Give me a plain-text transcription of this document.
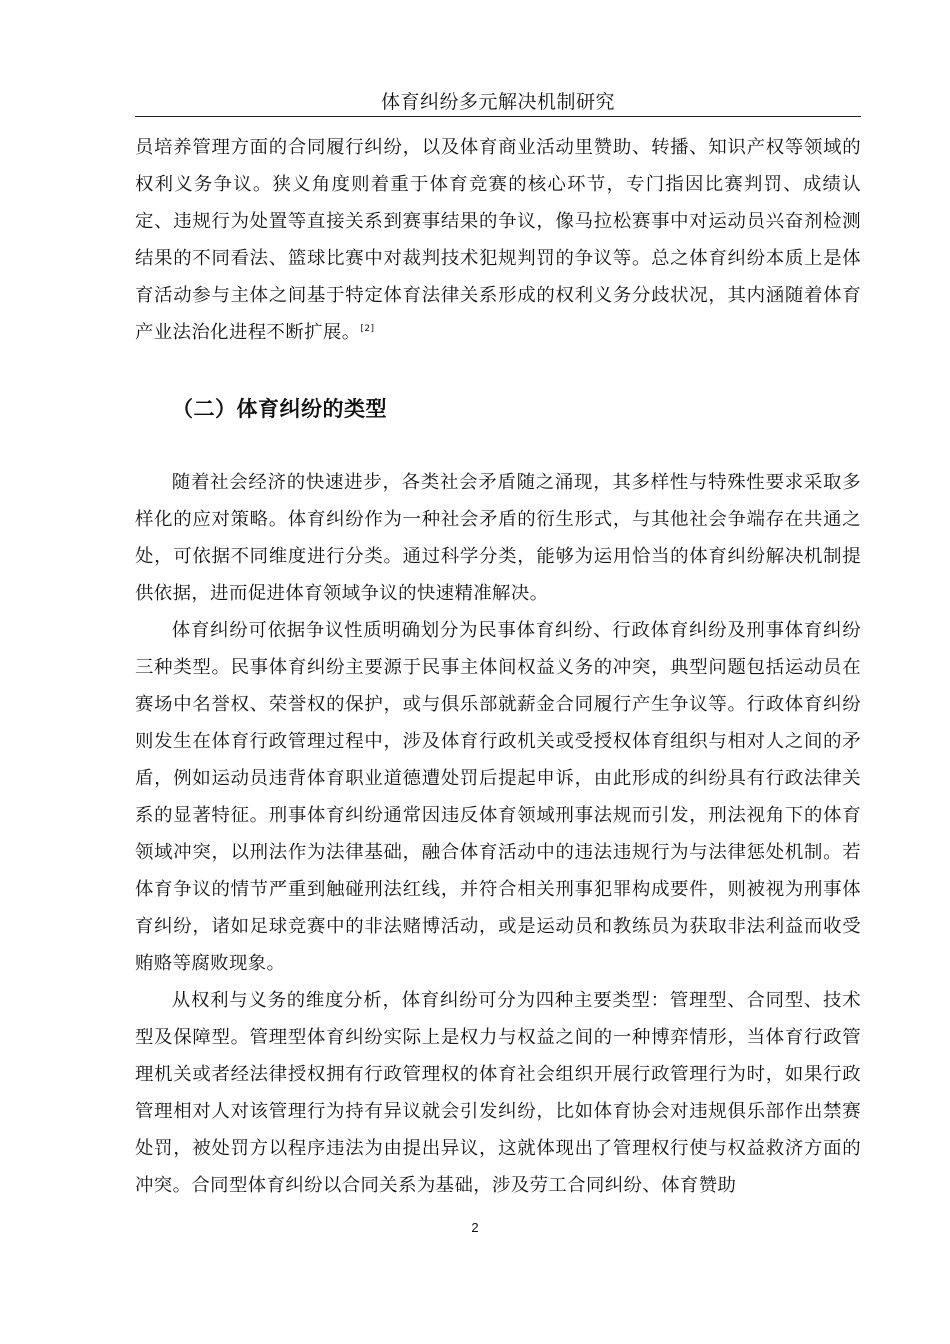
体育纠纷多元解决机制研究

员培养管理方面的合同履行纠纷，以及体育商业活动里赞助、转播、知识产权等领域的权利义务争议。狭义角度则着重于体育竞赛的核心环节，专门指因比赛判罚、成绩认定、违规行为处置等直接关系到赛事结果的争议，像马拉松赛事中对运动员兴奋剂检测结果的不同看法、篮球比赛中对裁判技术犯规判罚的争议等。总之体育纠纷本质上是体育活动参与主体之间基于特定体育法律关系形成的权利义务分歧状况，其内涵随着体育产业法治化进程不断扩展。[2]

（二）体育纠纷的类型

随着社会经济的快速进步，各类社会矛盾随之涌现，其多样性与特殊性要求采取多样化的应对策略。体育纠纷作为一种社会矛盾的衍生形式，与其他社会争端存在共通之处，可依据不同维度进行分类。通过科学分类，能够为运用恰当的体育纠纷解决机制提供依据，进而促进体育领域争议的快速精准解决。

体育纠纷可依据争议性质明确划分为民事体育纠纷、行政体育纠纷及刑事体育纠纷三种类型。民事体育纠纷主要源于民事主体间权益义务的冲突，典型问题包括运动员在赛场中名誉权、荣誉权的保护，或与俱乐部就薪金合同履行产生争议等。行政体育纠纷则发生在体育行政管理过程中，涉及体育行政机关或受授权体育组织与相对人之间的矛盾，例如运动员违背体育职业道德遭处罚后提起申诉，由此形成的纠纷具有行政法律关系的显著特征。刑事体育纠纷通常因违反体育领域刑事法规而引发，刑法视角下的体育领域冲突，以刑法作为法律基础，融合体育活动中的违法违规行为与法律惩处机制。若体育争议的情节严重到触碰刑法红线，并符合相关刑事犯罪构成要件，则被视为刑事体育纠纷，诸如足球竞赛中的非法赌博活动，或是运动员和教练员为获取非法利益而收受贿赂等腐败现象。

从权利与义务的维度分析，体育纠纷可分为四种主要类型：管理型、合同型、技术型及保障型。管理型体育纠纷实际上是权力与权益之间的一种博弈情形，当体育行政管理机关或者经法律授权拥有行政管理权的体育社会组织开展行政管理行为时，如果行政管理相对人对该管理行为持有异议就会引发纠纷，比如体育协会对违规俱乐部作出禁赛处罚，被处罚方以程序违法为由提出异议，这就体现出了管理权行使与权益救济方面的冲突。合同型体育纠纷以合同关系为基础，涉及劳工合同纠纷、体育赞助

2
